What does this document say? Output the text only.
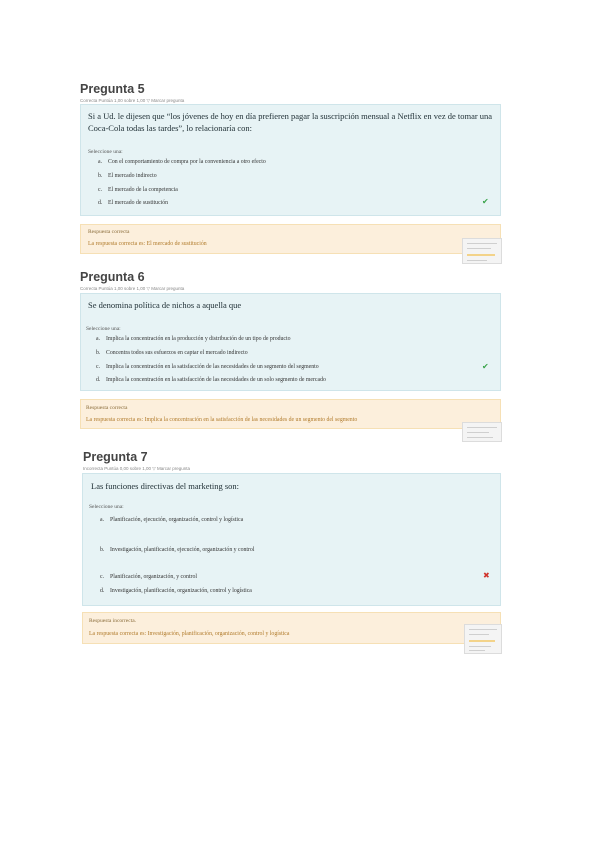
Pregunta 5
Correcta Puntúa 1,00 sobre 1,00 ▽ Marcar pregunta
Si a Ud. le dijesen que “los jóvenes de hoy en día prefieren pagar la suscripción mensual a Netflix en vez de tomar una Coca-Cola todas las tardes”, lo relacionaría con:
Seleccione una:
a. Con el comportamiento de compra por la conveniencia a otro efecto
b. El mercado indirecto
c. El mercado de la competencia
d. El mercado de sustitución	✔
Respuesta correcta
La respuesta correcta es: El mercado de sustitución
Pregunta 6
Correcta Puntúa 1,00 sobre 1,00 ▽ Marcar pregunta
Se denomina política de nichos a aquella que
Seleccione una:
a. Implica la concentración en la producción y distribución de un tipo de producto
b. Concentra todos sus esfuerzos en captar el mercado indirecto
c. Implica la concentración en la satisfacción de las necesidades de un segmento del segmento
d. Implica la concentración en la satisfacción de las necesidades de un solo segmento de mercado
✔
Respuesta correcta
La respuesta correcta es: Implica la concentración en la satisfacción de las necesidades de un segmento del segmento
Pregunta 7
Incorrecta Puntúa 0,00 sobre 1,00 ▽ Marcar pregunta
Las funciones directivas del marketing son:
Seleccione una:
a. Planificación, ejecución, organización, control y logística
b. Investigación, planificación, ejecución, organización y control
c. Planificación, organización, y control
d. Investigación, planificación, organización, control y logística
✖
Respuesta incorrecta.
La respuesta correcta es: Investigación, planificación, organización, control y logística
